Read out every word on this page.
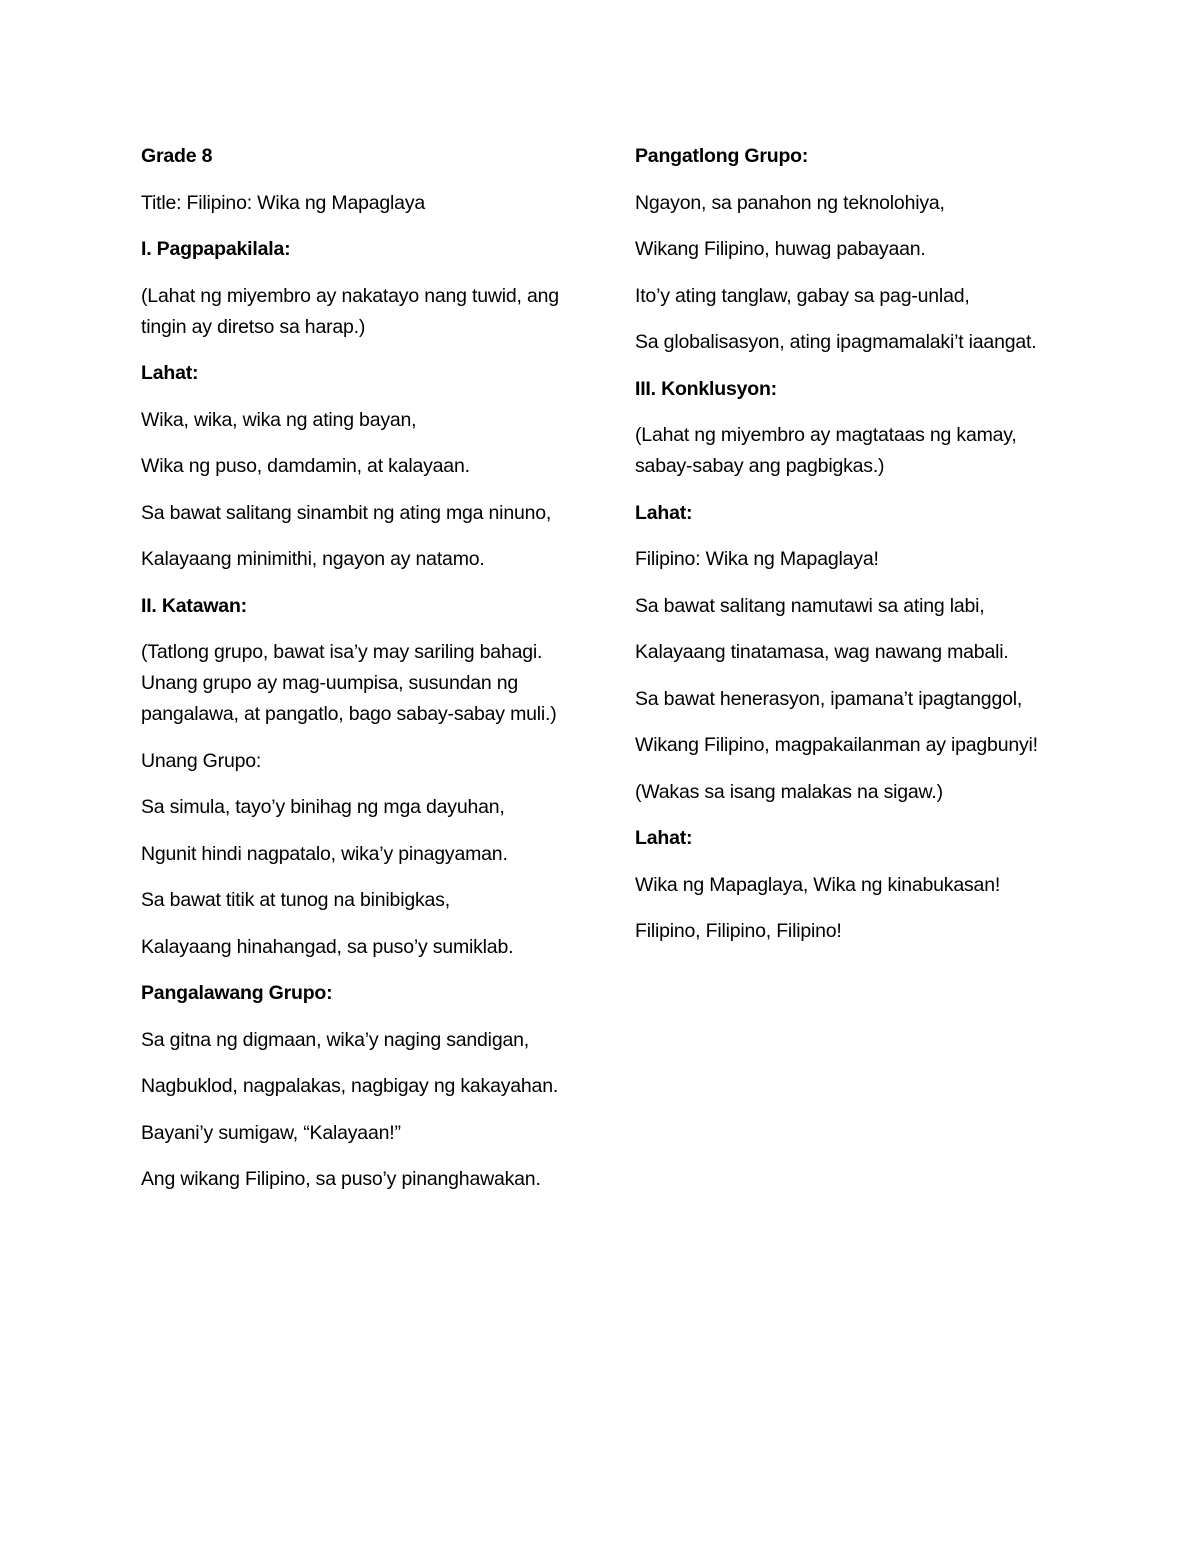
Grade 8

Title: Filipino: Wika ng Mapaglaya

I. Pagpapakilala:

(Lahat ng miyembro ay nakatayo nang tuwid, ang tingin ay diretso sa harap.)

Lahat:

Wika, wika, wika ng ating bayan,

Wika ng puso, damdamin, at kalayaan.

Sa bawat salitang sinambit ng ating mga ninuno,

Kalayaang minimithi, ngayon ay natamo.

II. Katawan:

(Tatlong grupo, bawat isa’y may sariling bahagi. Unang grupo ay mag-uumpisa, susundan ng pangalawa, at pangatlo, bago sabay-sabay muli.)

Unang Grupo:

Sa simula, tayo’y binihag ng mga dayuhan,

Ngunit hindi nagpatalo, wika’y pinagyaman.

Sa bawat titik at tunog na binibigkas,

Kalayaang hinahangad, sa puso’y sumiklab.

Pangalawang Grupo:

Sa gitna ng digmaan, wika’y naging sandigan,

Nagbuklod, nagpalakas, nagbigay ng kakayahan.

Bayani’y sumigaw, “Kalayaan!”

Ang wikang Filipino, sa puso’y pinanghawakan.

Pangatlong Grupo:

Ngayon, sa panahon ng teknolohiya,

Wikang Filipino, huwag pabayaan.

Ito’y ating tanglaw, gabay sa pag-unlad,

Sa globalisasyon, ating ipagmamalaki’t iaangat.

III. Konklusyon:

(Lahat ng miyembro ay magtataas ng kamay, sabay-sabay ang pagbigkas.)

Lahat:

Filipino: Wika ng Mapaglaya!

Sa bawat salitang namutawi sa ating labi,

Kalayaang tinatamasa, wag nawang mabali.

Sa bawat henerasyon, ipamana’t ipagtanggol,

Wikang Filipino, magpakailanman ay ipagbunyi!

(Wakas sa isang malakas na sigaw.)

Lahat:

Wika ng Mapaglaya, Wika ng kinabukasan!

Filipino, Filipino, Filipino!
